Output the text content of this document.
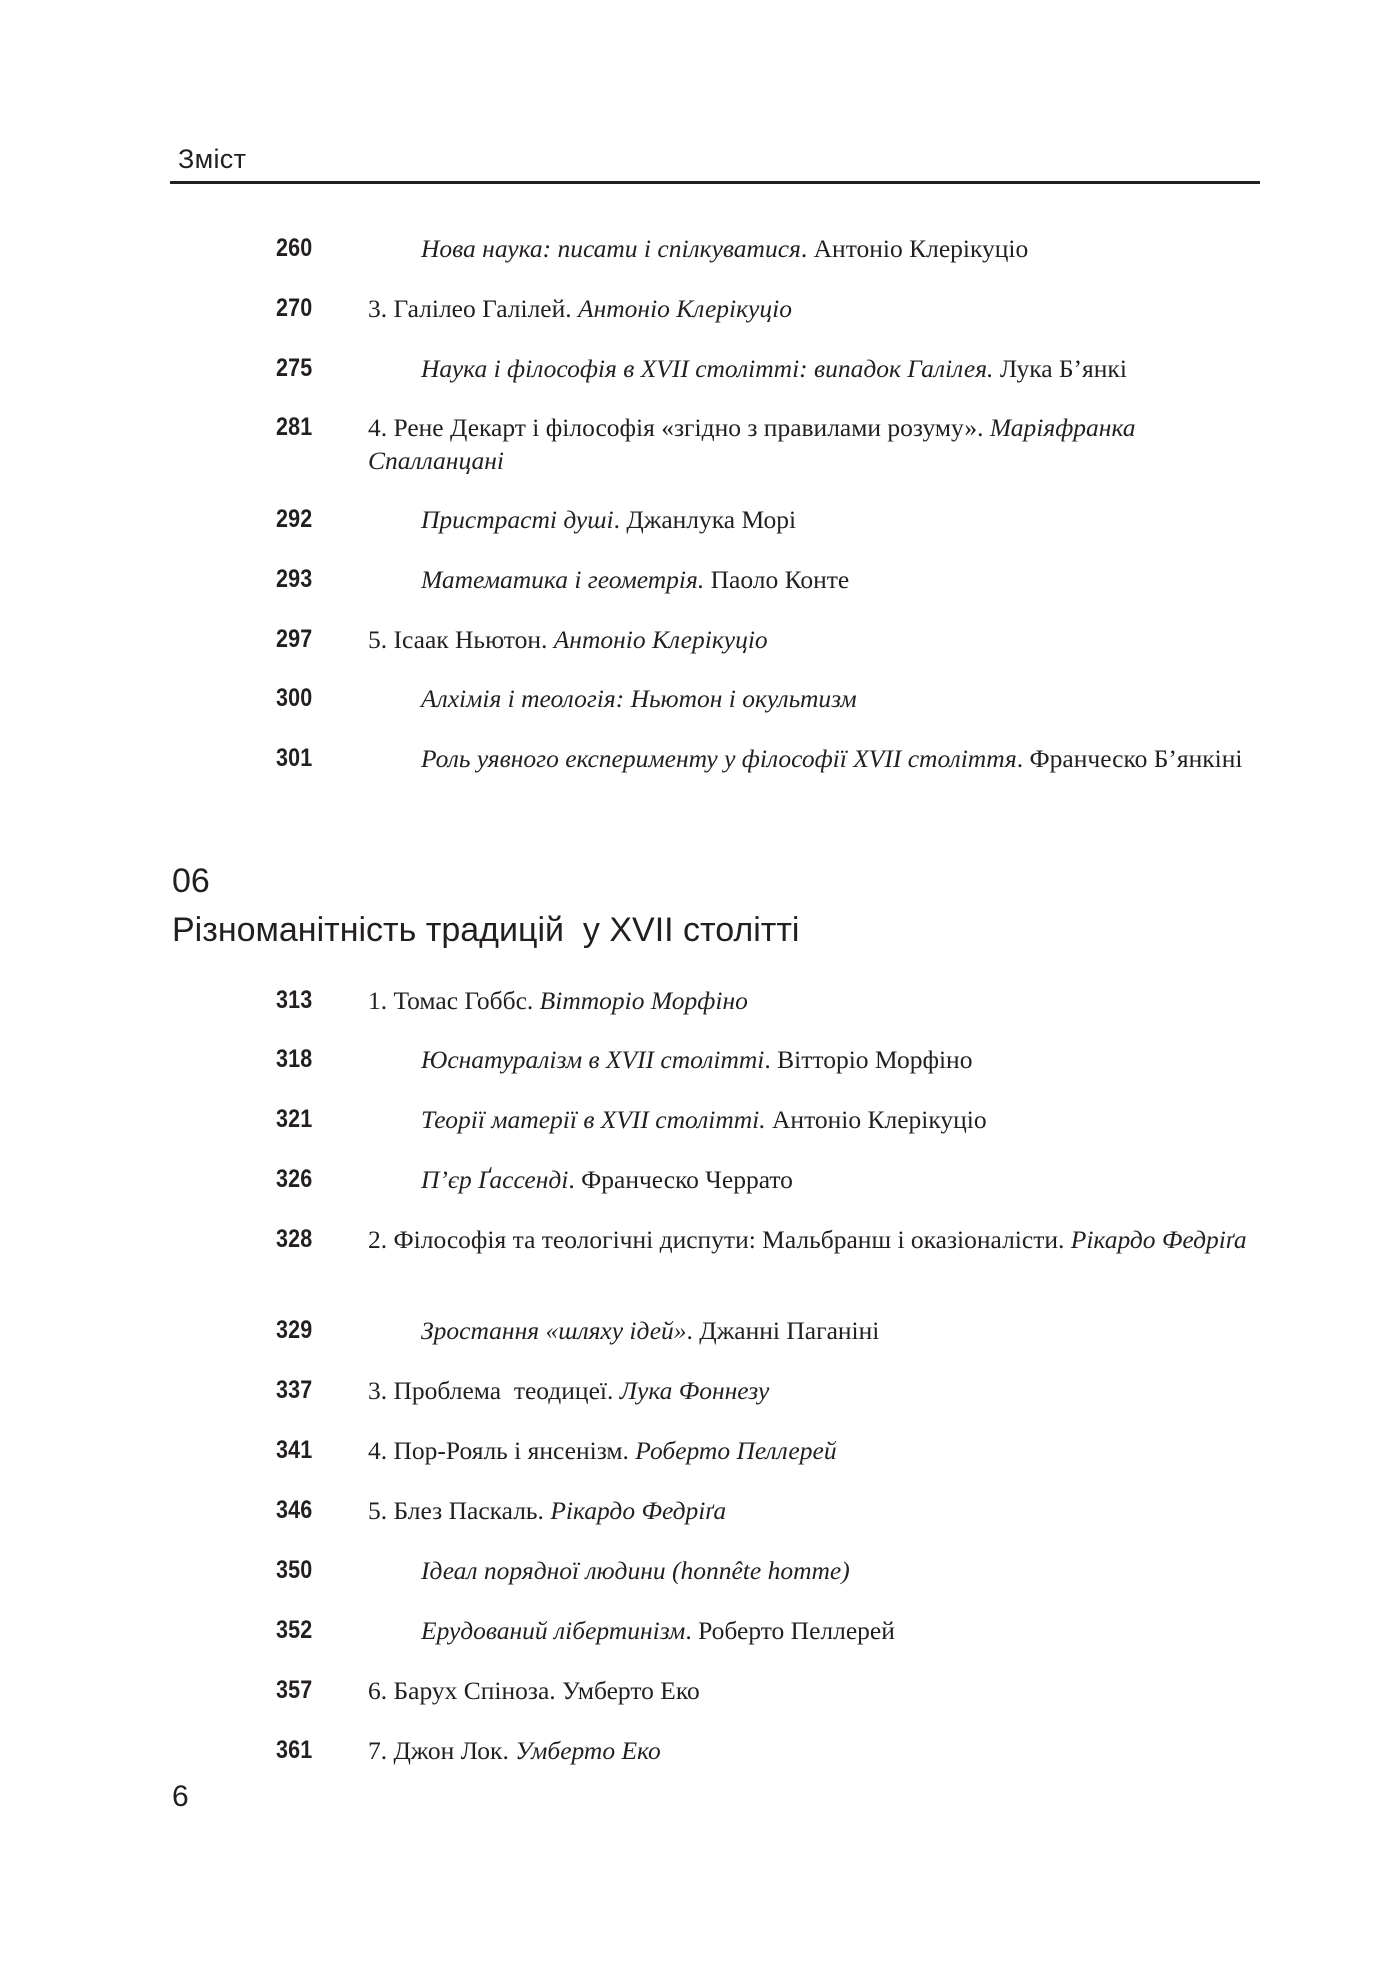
Зміст
260	Нова наука: писати і спілкуватися. Антоніо Клерікуціо
270 3. Галілео Галілей. Антоніо Клерікуціо
275	Наука і філософія в XVII столітті: випадок Галілея. Лука Б’янкі
281 4. Рене Декарт і філософія «згідно з правилами розуму». Маріяфранка Спалланцані
292	Пристрасті душі. Джанлука Морі
293	Математика і геометрія. Паоло Конте
297 5. Ісаак Ньютон. Антоніо Клерікуціо
300	Алхімія і теологія: Ньютон і окультизм
301	Роль уявного експерименту у філософії XVII століття. Франческо Б’янкіні
06
Різноманітність традицій  у XVII столітті
313 1. Томас Гоббс. Вітторіо Морфіно
318	Юснатуралізм в XVII столітті. Вітторіо Морфіно
321	Теорії матерії в XVII столітті. Антоніо Клерікуціо
326	П’єр Ґассенді. Франческо Черрато
328 2. Філософія та теологічні диспути: Мальбранш і оказіоналісти. Рікардо Федріґа
329	Зростання «шляху ідей». Джанні Паганіні
337 3. Проблема  теодицеї. Лука Фоннезу
341 4. Пор-Рояль і янсенізм. Роберто Пеллерей
346 5. Блез Паскаль. Рікардо Федріґа
350	Ідеал порядної людини (honnête homme)
352	Ерудований лібертинізм. Роберто Пеллерей
357 6. Барух Спіноза. Умберто Еко
361 7. Джон Лок. Умберто Еко
6
